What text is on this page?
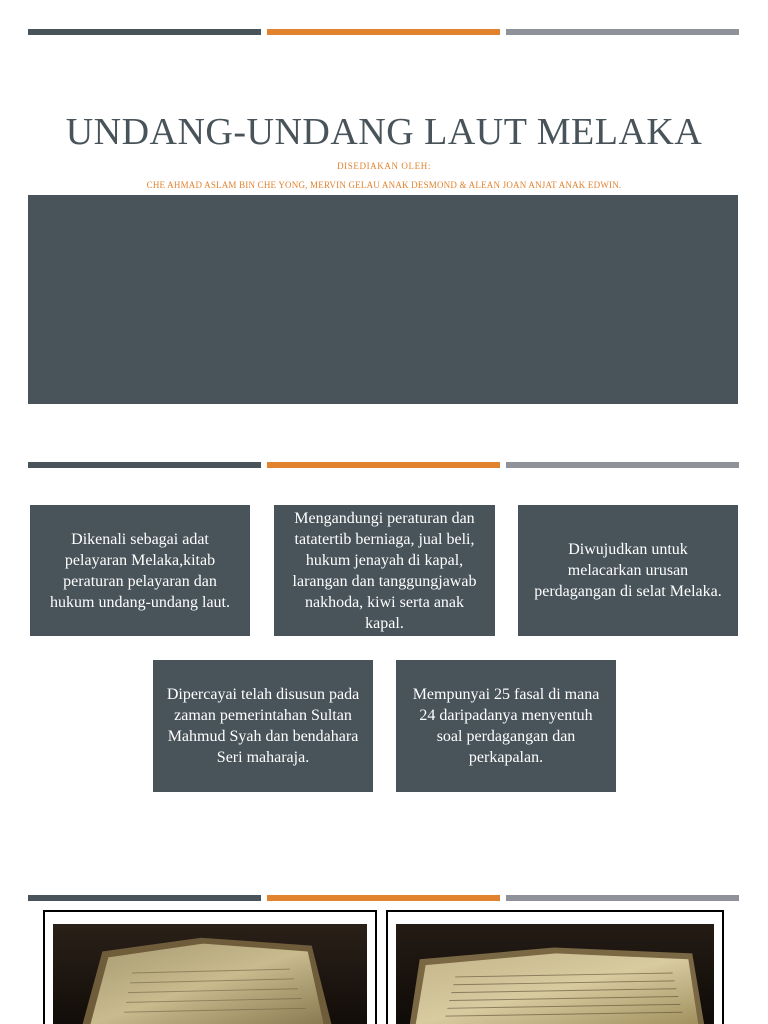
UNDANG-UNDANG LAUT MELAKA
DISEDIAKAN OLEH:
CHE AHMAD ASLAM BIN CHE YONG, MERVIN GELAU ANAK DESMOND & ALEAN JOAN ANJAT ANAK EDWIN.
Dikenali sebagai adat pelayaran Melaka,kitab peraturan pelayaran dan hukum undang-undang laut.
Mengandungi peraturan dan tatatertib berniaga, jual beli, hukum jenayah di kapal, larangan dan tanggungjawab nakhoda, kiwi serta anak kapal.
Diwujudkan untuk melacarkan urusan perdagangan di selat Melaka.
Dipercayai telah disusun pada zaman pemerintahan Sultan Mahmud Syah dan bendahara Seri maharaja.
Mempunyai 25 fasal di mana 24 daripadanya menyentuh soal perdagangan dan perkapalan.
